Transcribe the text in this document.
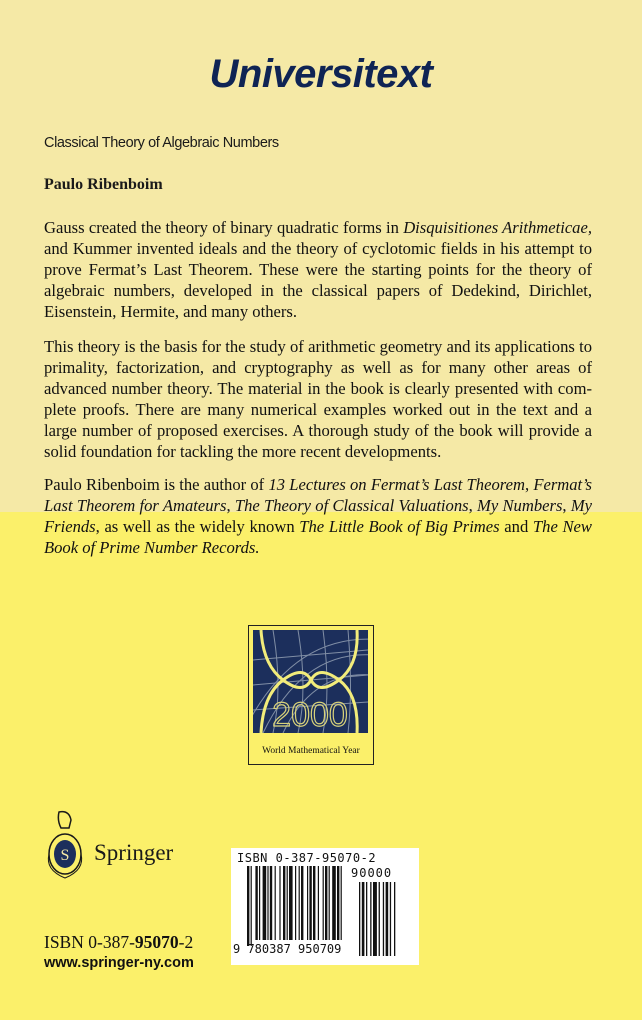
Universitext
Classical Theory of Algebraic Numbers
Paulo Ribenboim
Gauss created the theory of binary quadratic forms in Disquisitiones Arithmeticae, and Kummer invented ideals and the theory of cyclotomic fields in his attempt to prove Fermat’s Last Theorem. These were the starting points for the theory of algebraic numbers, developed in the classical papers of Dedekind, Dirichlet, Eisenstein, Hermite, and many others.
This theory is the basis for the study of arithmetic geometry and its applications to primality, factorization, and cryptography as well as for many other areas of advanced number theory. The material in the book is clearly presented with com-plete proofs. There are many numerical examples worked out in the text and a large number of proposed exercises. A thorough study of the book will provide a solid foundation for tackling the more recent developments.
Paulo Ribenboim is the author of 13 Lectures on Fermat’s Last Theorem, Fermat’s Last Theorem for Amateurs, The Theory of Classical Valuations, My Numbers, My Friends, as well as the widely known The Little Book of Big Primes and The New Book of Prime Number Records.
2000
World Mathematical Year
S Springer
ISBN 0-387-95070-2
www.springer-ny.com
ISBN 0-387-95070-2
90000
9 780387 950709
